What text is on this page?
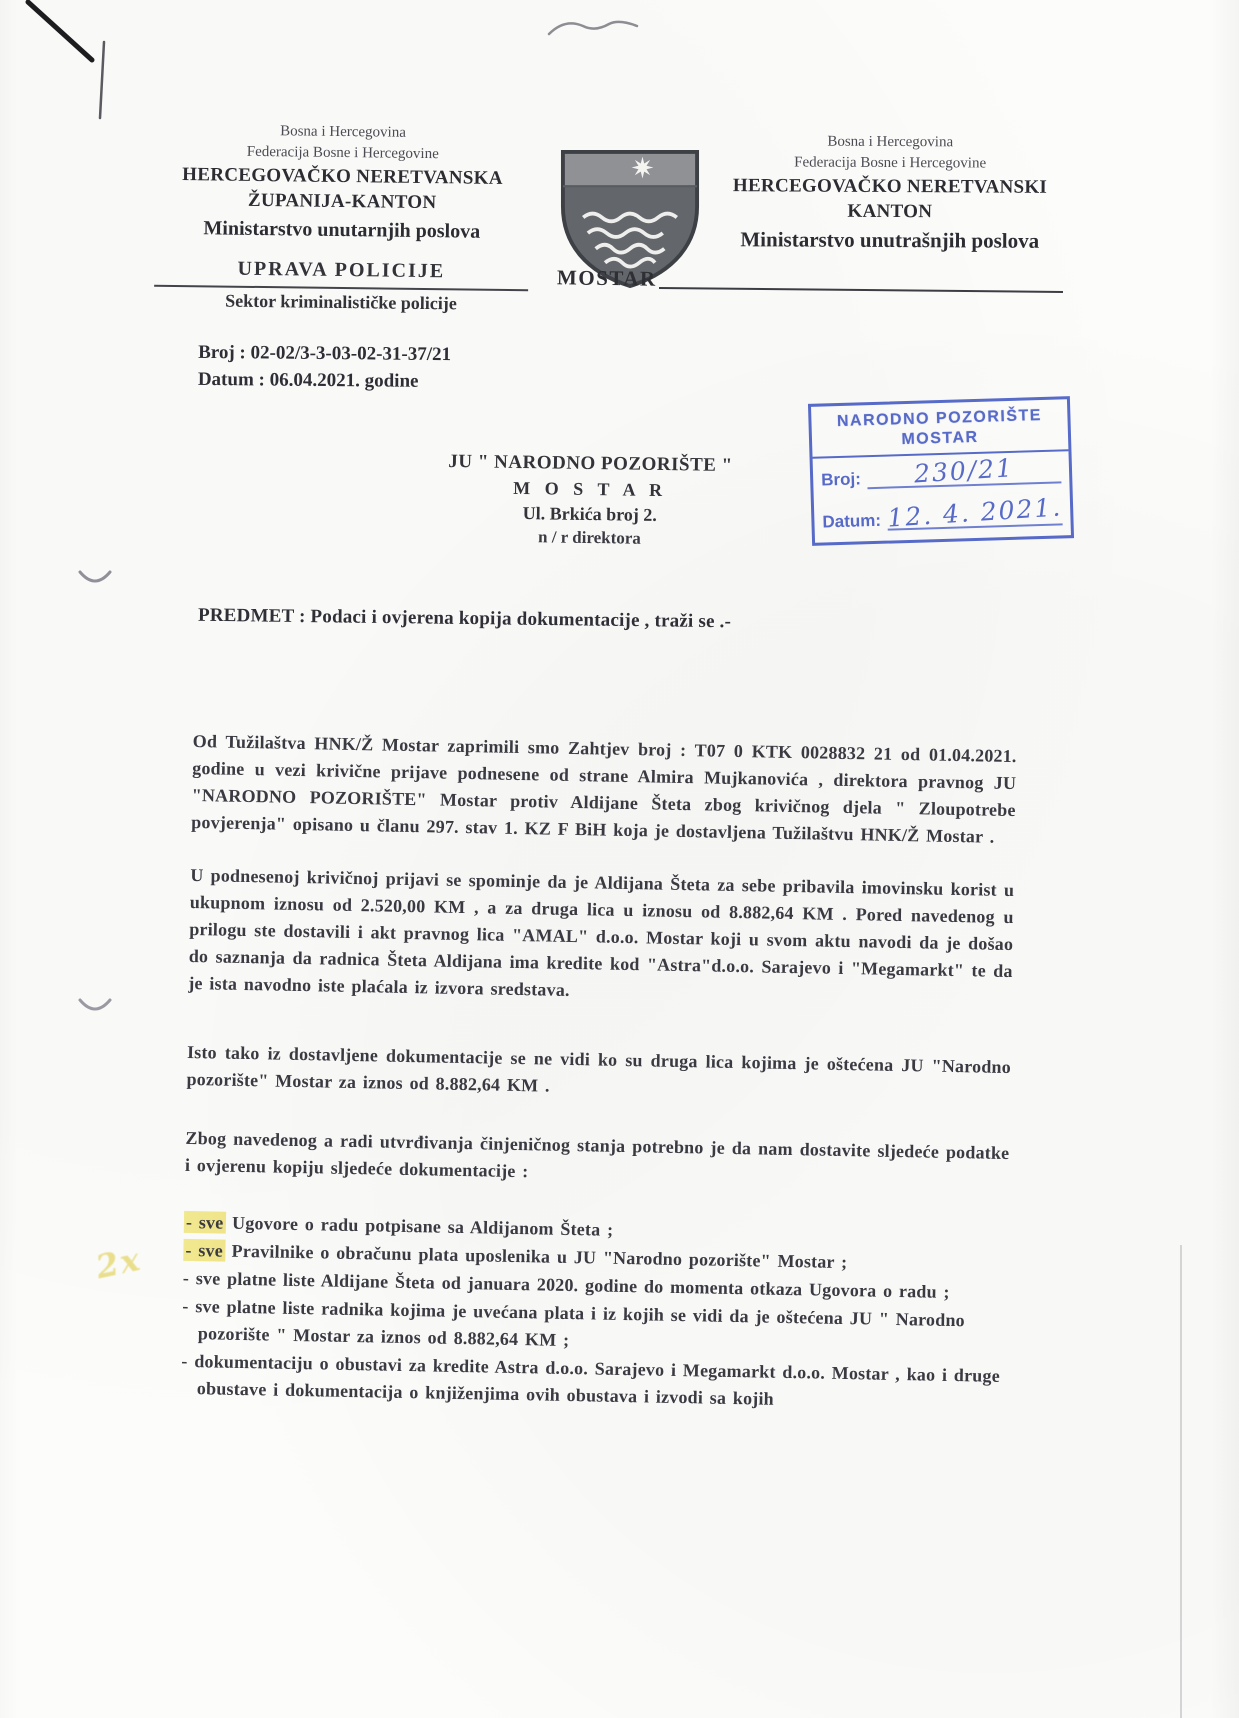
Bosna i Hercegovina
Federacija Bosne i Hercegovine
HERCEGOVAČKO NERETVANSKA
ŽUPANIJA-KANTON
Ministarstvo unutarnjih poslova
UPRAVA POLICIJE
Sektor kriminalističke policije
MOSTAR
Bosna i Hercegovina
Federacija Bosne i Hercegovine
HERCEGOVAČKO NERETVANSKI
KANTON
Ministarstvo unutrašnjih poslova
Broj : 02-02/3-3-03-02-31-37/21
Datum : 06.04.2021. godine
JU " NARODNO POZORIŠTE "
M O S T A R
Ul. Brkića broj 2.
n / r direktora
NARODNO POZORIŠTE
MOSTAR
Broj:	230/21
Datum: 12. 4. 2021.
PREDMET : Podaci i ovjerena kopija dokumentacije , traži se .-
Od Tužilaštva HNK/Ž Mostar zaprimili smo Zahtjev broj : T07 0 KTK 0028832 21 od 01.04.2021. godine u vezi krivične prijave podnesene od strane Almira Mujkanovića , direktora pravnog JU "NARODNO POZORIŠTE" Mostar protiv Aldijane Šteta zbog krivičnog djela " Zloupotrebe povjerenja" opisano u članu 297. stav 1. KZ F BiH koja je dostavljena Tužilaštvu HNK/Ž Mostar .
U podnesenoj krivičnoj prijavi se spominje da je Aldijana Šteta za sebe pribavila imovinsku korist u ukupnom iznosu od 2.520,00 KM , a za druga lica u iznosu od 8.882,64 KM . Pored navedenog u prilogu ste dostavili i akt pravnog lica "AMAL" d.o.o. Mostar koji u svom aktu navodi da je došao do saznanja da radnica Šteta Aldijana ima kredite kod "Astra"d.o.o. Sarajevo i "Megamarkt" te da je ista navodno iste plaćala iz izvora sredstava.
Isto tako iz dostavljene dokumentacije se ne vidi ko su druga lica kojima je oštećena JU "Narodno pozorište" Mostar za iznos od 8.882,64 KM .
Zbog navedenog a radi utvrđivanja činjeničnog stanja potrebno je da nam dostavite sljedeće podatke i ovjerenu kopiju sljedeće dokumentacije :
- sve Ugovore o radu potpisane sa Aldijanom Šteta ;
- sve Pravilnike o obračunu plata uposlenika u JU "Narodno pozorište" Mostar ;
- sve platne liste Aldijane Šteta od januara 2020. godine do momenta otkaza Ugovora o radu ;
- sve platne liste radnika kojima je uvećana plata i iz kojih se vidi da je oštećena JU " Narodno pozorište " Mostar za iznos od 8.882,64 KM ;
- dokumentaciju o obustavi za kredite Astra d.o.o. Sarajevo i Megamarkt d.o.o. Mostar , kao i druge obustave i dokumentacija o knjiženjima ovih obustava i izvodi sa kojih
2x
